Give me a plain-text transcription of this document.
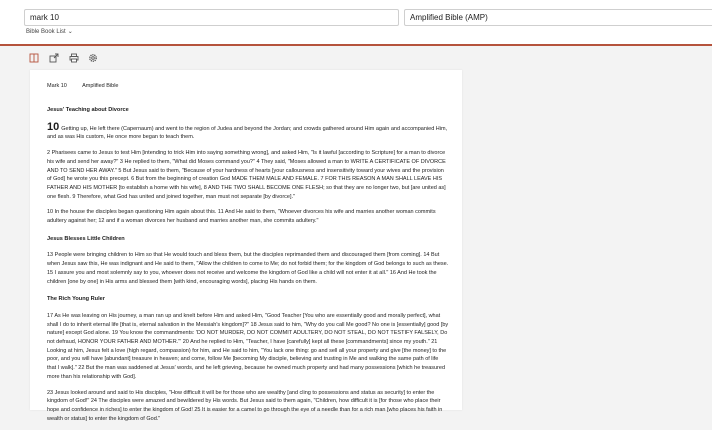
mark 10	Amplified Bible (AMP)
Bible Book List ⌄
Mark 10	Amplified Bible
Jesus' Teaching about Divorce
10 Getting up, He left there (Capernaum) and went to the region of Judea and beyond the Jordan; and crowds gathered around Him again and accompanied Him, and as was His custom, He once more began to teach them.
2 Pharisees came to Jesus to test Him [intending to trick Him into saying something wrong], and asked Him, "Is it lawful [according to Scripture] for a man to divorce his wife and send her away?" 3 He replied to them, "What did Moses command you?" 4 They said, "Moses allowed a man to WRITE A CERTIFICATE OF DIVORCE AND TO SEND HER AWAY." 5 But Jesus said to them, "Because of your hardness of hearts [your callousness and insensitivity toward your wives and the provision of God] he wrote you this precept. 6 But from the beginning of creation God MADE THEM MALE AND FEMALE. 7 FOR THIS REASON A MAN SHALL LEAVE HIS FATHER AND HIS MOTHER [to establish a home with his wife], 8 AND THE TWO SHALL BECOME ONE FLESH; so that they are no longer two, but [are united as] one flesh. 9 Therefore, what God has united and joined together, man must not separate [by divorce]."
10 In the house the disciples began questioning Him again about this. 11 And He said to them, "Whoever divorces his wife and marries another woman commits adultery against her; 12 and if a woman divorces her husband and marries another man, she commits adultery."
Jesus Blesses Little Children
13 People were bringing children to Him so that He would touch and bless them, but the disciples reprimanded them and discouraged them [from coming]. 14 But when Jesus saw this, He was indignant and He said to them, "Allow the children to come to Me; do not forbid them; for the kingdom of God belongs to such as these. 15 I assure you and most solemnly say to you, whoever does not receive and welcome the kingdom of God like a child will not enter it at all." 16 And He took the children [one by one] in His arms and blessed them [with kind, encouraging words], placing His hands on them.
The Rich Young Ruler
17 As He was leaving on His journey, a man ran up and knelt before Him and asked Him, "Good Teacher [You who are essentially good and morally perfect], what shall I do to inherit eternal life [that is, eternal salvation in the Messiah's kingdom]?" 18 Jesus said to him, "Why do you call Me good? No one is [essentially] good [by nature] except God alone. 19 You know the commandments: 'DO NOT MURDER, DO NOT COMMIT ADULTERY, DO NOT STEAL, DO NOT TESTIFY FALSELY, Do not defraud, HONOR YOUR FATHER AND MOTHER.'" 20 And he replied to Him, "Teacher, I have [carefully] kept all these [commandments] since my youth." 21 Looking at him, Jesus felt a love (high regard, compassion) for him, and He said to him, "You lack one thing: go and sell all your property and give [the money] to the poor, and you will have [abundant] treasure in heaven; and come, follow Me [becoming My disciple, believing and trusting in Me and walking the same path of life that I walk]." 22 But the man was saddened at Jesus' words, and he left grieving, because he owned much property and had many possessions [which he treasured more than his relationship with God].
23 Jesus looked around and said to His disciples, "How difficult it will be for those who are wealthy [and cling to possessions and status as security] to enter the kingdom of God!" 24 The disciples were amazed and bewildered by His words. But Jesus said to them again, "Children, how difficult it is [for those who place their hope and confidence in riches] to enter the kingdom of God! 25 It is easier for a camel to go through the eye of a needle than for a rich man [who places his faith in wealth or status] to enter the kingdom of God."
